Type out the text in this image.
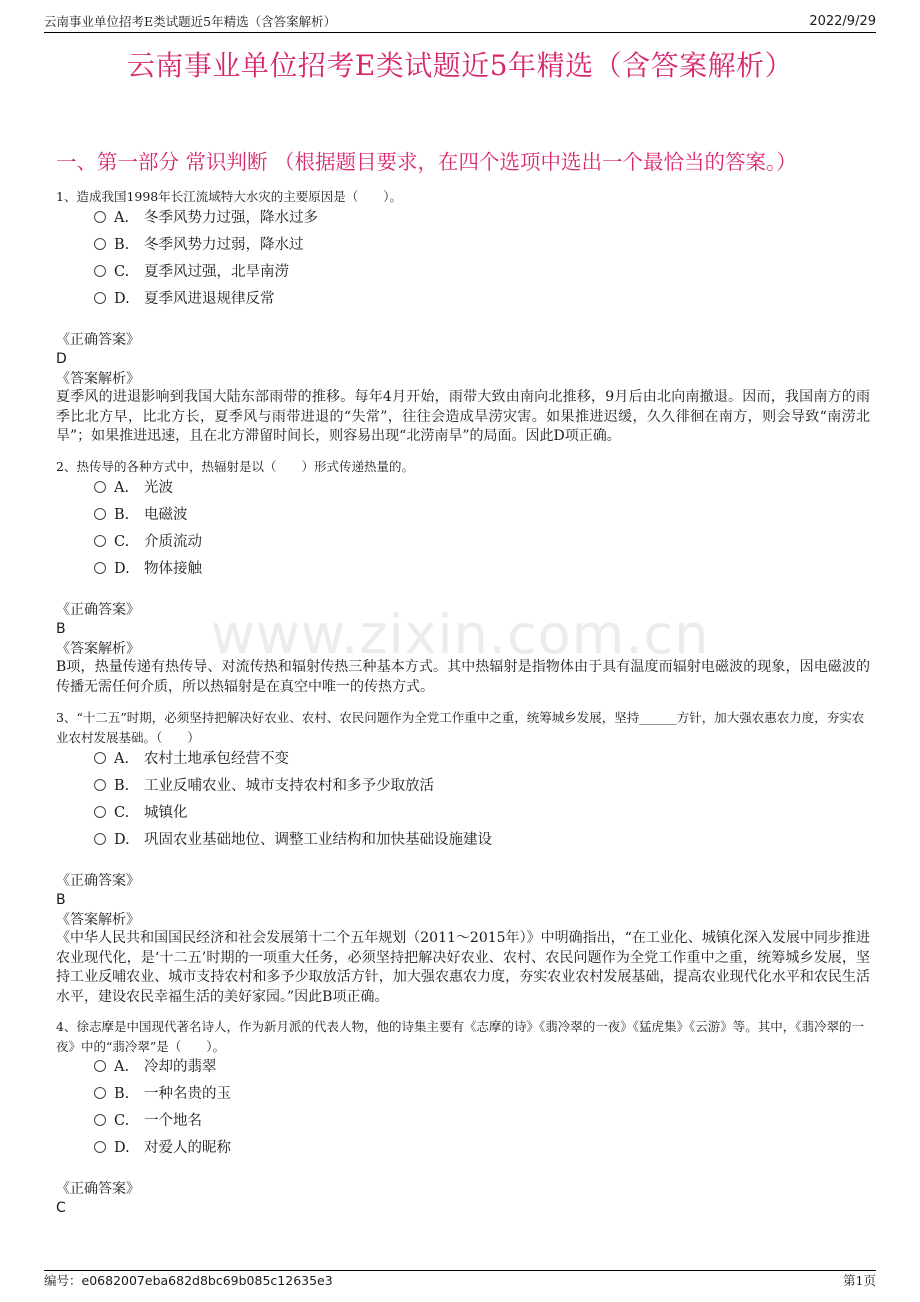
云南事业单位招考E类试题近5年精选（含答案解析）	2022/9/29
云南事业单位招考E类试题近5年精选（含答案解析）
一、第一部分 常识判断 （根据题目要求，在四个选项中选出一个最恰当的答案。）
www.zixin.com.cn
1、造成我国1998年长江流域特大水灾的主要原因是（　　）。
A. 冬季风势力过强，降水过多
B. 冬季风势力过弱，降水过
C. 夏季风过强，北旱南涝
D. 夏季风进退规律反常
《正确答案》
D
《答案解析》
夏季风的进退影响到我国大陆东部雨带的推移。每年4月开始，雨带大致由南向北推移，9月后由北向南撤退。因而，我国南方的雨季比北方早，比北方长，夏季风与雨带进退的“失常”，往往会造成旱涝灾害。如果推进迟缓，久久徘徊在南方，则会导致“南涝北旱”；如果推进迅速，且在北方滞留时间长，则容易出现“北涝南旱”的局面。因此D项正确。
2、热传导的各种方式中，热辐射是以（　　）形式传递热量的。
A. 光波
B. 电磁波
C. 介质流动
D. 物体接触
《正确答案》
B
《答案解析》
B项，热量传递有热传导、对流传热和辐射传热三种基本方式。其中热辐射是指物体由于具有温度而辐射电磁波的现象，因电磁波的传播无需任何介质，所以热辐射是在真空中唯一的传热方式。
3、“十二五”时期，必须坚持把解决好农业、农村、农民问题作为全党工作重中之重，统筹城乡发展，坚持______方针，加大强农惠农力度，夯实农业农村发展基础。（　　）
A. 农村土地承包经营不变
B. 工业反哺农业、城市支持农村和多予少取放活
C. 城镇化
D. 巩固农业基础地位、调整工业结构和加快基础设施建设
《正确答案》
B
《答案解析》
《中华人民共和国国民经济和社会发展第十二个五年规划（2011～2015年）》中明确指出，“在工业化、城镇化深入发展中同步推进农业现代化，是‘十二五’时期的一项重大任务，必须坚持把解决好农业、农村、农民问题作为全党工作重中之重，统筹城乡发展，坚持工业反哺农业、城市支持农村和多予少取放活方针，加大强农惠农力度，夯实农业农村发展基础，提高农业现代化水平和农民生活水平，建设农民幸福生活的美好家园。”因此B项正确。
4、徐志摩是中国现代著名诗人，作为新月派的代表人物，他的诗集主要有《志摩的诗》《翡冷翠的一夜》《猛虎集》《云游》等。其中，《翡冷翠的一夜》中的“翡冷翠”是（　　）。
A. 冷却的翡翠
B. 一种名贵的玉
C. 一个地名
D. 对爱人的昵称
《正确答案》
C
编号：e0682007eba682d8bc69b085c12635e3	第1页
